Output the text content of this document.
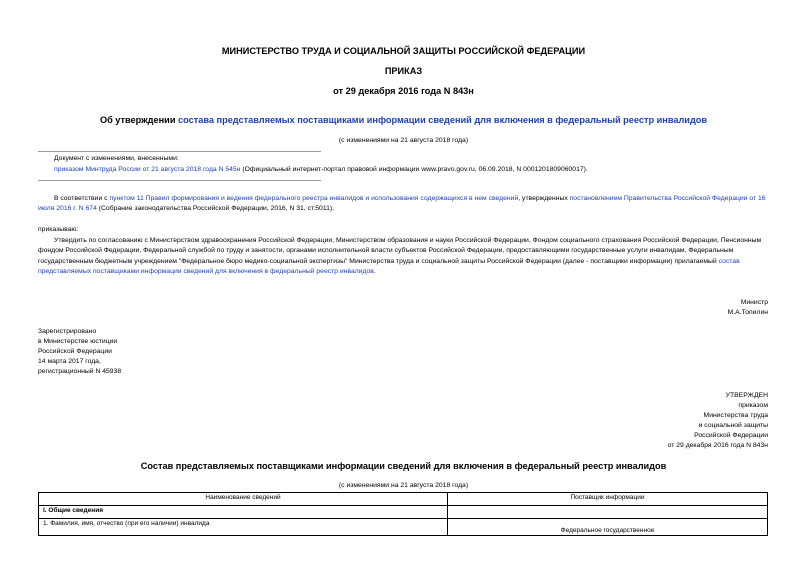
МИНИСТЕРСТВО ТРУДА И СОЦИАЛЬНОЙ ЗАЩИТЫ РОССИЙСКОЙ ФЕДЕРАЦИИ
ПРИКАЗ
от 29 декабря 2016 года N 843н
Об утверждении состава представляемых поставщиками информации сведений для включения в федеральный реестр инвалидов
(с изменениями на 21 августа 2018 года)
Документ с изменениями, внесенными:
приказом Минтруда России от 21 августа 2018 года N 545н (Официальный интернет-портал правовой информации www.pravo.gov.ru, 06.09.2018, N 0001201809060017).
В соответствии с пунктом 11 Правил формирования и ведения федерального реестра инвалидов и использования содержащихся в нем сведений, утвержденных постановлением Правительства Российской Федерации от 16 июля 2016 г. N 674 (Собрание законодательства Российской Федерации, 2016, N 31, ст.5011),
приказываю:
Утвердить по согласованию с Министерством здравоохранения Российской Федерации, Министерством образования и науки Российской Федерации, Фондом социального страхования Российской Федерации, Пенсионным фондом Российской Федерации, Федеральной службой по труду и занятости, органами исполнительной власти субъектов Российской Федерации, предоставляющими государственные услуги инвалидам, Федеральным государственным бюджетным учреждением "Федеральное бюро медико-социальной экспертизы" Министерства труда и социальной защиты Российской Федерации (далее - поставщики информации) прилагаемый состав представляемых поставщиками информации сведений для включения в федеральный реестр инвалидов.
Министр
М.А.Топилин
Зарегистрировано
в Министерстве юстиции
Российской Федерации
14 марта 2017 года,
регистрационный N 45938
УТВЕРЖДЕН
приказом
Министерства труда
и социальной защиты
Российской Федерации
от 29 декабря 2016 года N 843н
Состав представляемых поставщиками информации сведений для включения в федеральный реестр инвалидов
(с изменениями на 21 августа 2018 года)
Наименование сведений	Поставщик информации
I. Общие сведения	
1. Фамилия, имя, отчество (при его наличии) инвалида	Федеральное государственное
